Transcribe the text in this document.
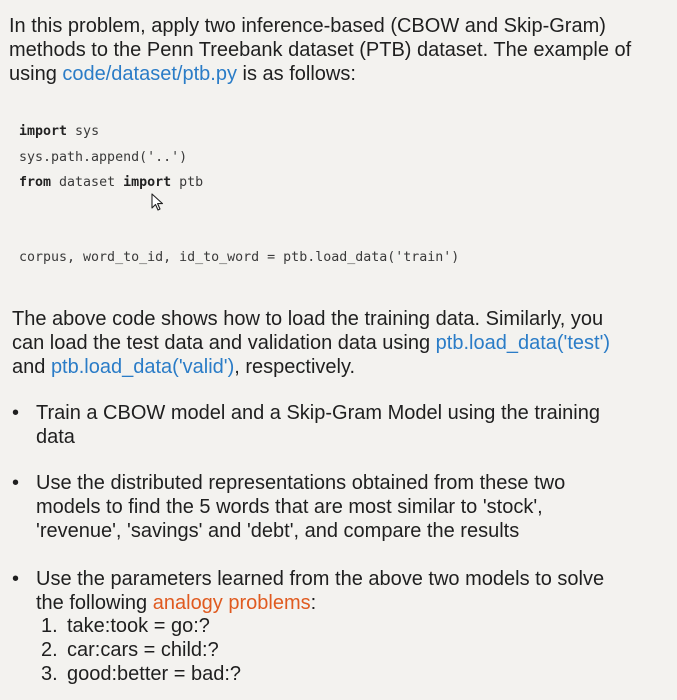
In this problem, apply two inference-based (CBOW and Skip-Gram)

methods to the Penn Treebank dataset (PTB) dataset. The example of

using code/dataset/ptb.py is as follows:

import sys

sys.path.append('..')

from dataset import ptb

corpus, word_to_id, id_to_word = ptb.load_data('train')

The above code shows how to load the training data. Similarly, you

can load the test data and validation data using ptb.load_data('test')

and ptb.load_data('valid'), respectively.

• Train a CBOW model and a Skip-Gram Model using the training
data
• Use the distributed representations obtained from these two
models to find the 5 words that are most similar to 'stock',
'revenue', 'savings' and 'debt', and compare the results
• Use the parameters learned from the above two models to solve
the following analogy problems:
1. take:took = go:?
2. car:cars = child:?
3. good:better = bad:?
